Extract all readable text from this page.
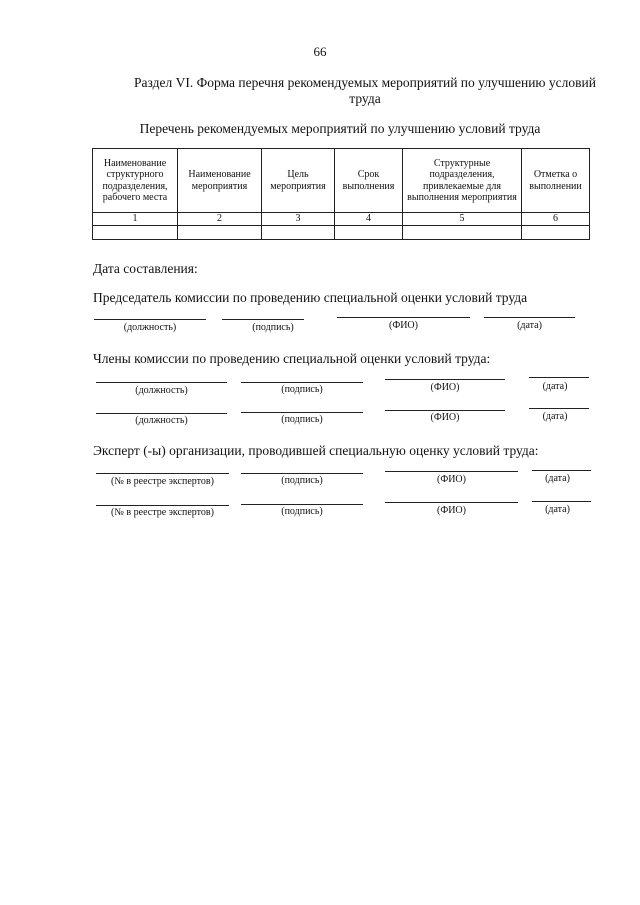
66
Раздел VI. Форма перечня рекомендуемых мероприятий по улучшению условий труда
Перечень рекомендуемых мероприятий по улучшению условий труда
Наименование структурного подразделения, рабочего места	Наименование мероприятия	Цель мероприятия	Срок выполнения	Структурные подразделения, привлекаемые для выполнения мероприятия	Отметка о выполнении
1	2	3	4	5	6

Дата составления:
Председатель комиссии по проведению специальной оценки условий труда
(должность)	(подпись)	(ФИО)	(дата)
Члены комиссии по проведению специальной оценки условий труда:
(должность)	(подпись)	(ФИО)	(дата)
(должность)	(подпись)	(ФИО)	(дата)
Эксперт (-ы) организации, проводившей специальную оценку условий труда:
(№ в реестре экспертов)	(подпись)	(ФИО)	(дата)
(№ в реестре экспертов)	(подпись)	(ФИО)	(дата)
